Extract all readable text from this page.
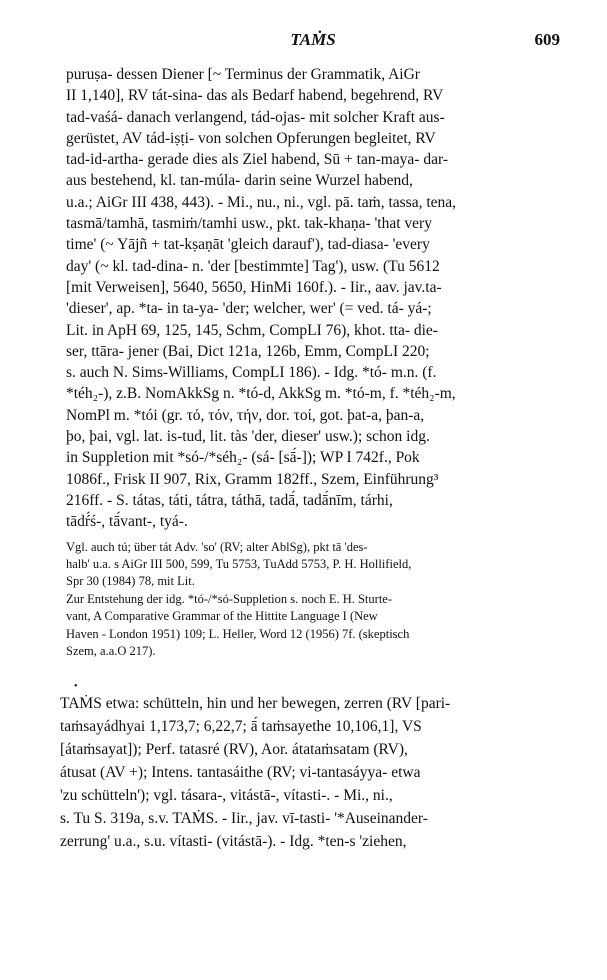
TAṀS	609
puruṣa- dessen Diener [~ Terminus der Grammatik, AiGr
II 1,140], RV tát-sina- das als Bedarf habend, begehrend, RV
tad-vaśá- danach verlangend, tád-ojas- mit solcher Kraft aus-
gerüstet, AV tád-iṣṭi- von solchen Opferungen begleitet, RV
tad-id-artha- gerade dies als Ziel habend, Sū + tan-maya- dar-
aus bestehend, kl. tan-múla- darin seine Wurzel habend,
u.a.; AiGr III 438, 443). - Mi., nu., ni., vgl. pā. taṁ, tassa, tena,
tasmā/tamhā, tasmiṁ/tamhi usw., pkt. tak-khaṇa- 'that very
time' (~ Yājñ + tat-kṣaṇāt 'gleich darauf'), tad-diasa- 'every
day' (~ kl. tad-dina- n. 'der [bestimmte] Tag'), usw. (Tu 5612
[mit Verweisen], 5640, 5650, HinMi 160f.). - Iir., aav. jav.ta-
'dieser', ap. *ta- in ta-ya- 'der; welcher, wer' (= ved. tá- yá-;
Lit. in ApH 69, 125, 145, Schm, CompLI 76), khot. tta- die-
ser, ttāra- jener (Bai, Dict 121a, 126b, Emm, CompLI 220;
s. auch N. Sims-Williams, CompLI 186). - Idg. *tó- m.n. (f.
*téh₂-), z.B. NomAkkSg n. *tó-d, AkkSg m. *tó-m, f. *téh₂-m,
NomPl m. *tói (gr. τό, τόν, τήν, dor. τοί, got. þat-a, þan-a,
þo, þai, vgl. lat. is-tud, lit. tàs 'der, dieser' usw.); schon idg.
in Suppletion mit *só-/*séh₂- (sá- [sā́-]); WP I 742f., Pok
1086f., Frisk II 907, Rix, Gramm 182ff., Szem, Einführung³
216ff. - S. tátas, táti, tátra, táthā, tadā́, tadā́nīm, tárhi,
tādŕ́ś-, tā́vant-, tyá-.
Vgl. auch tú; über tát Adv. 'so' (RV; alter AblSg), pkt tā 'des-
halb' u.a. s AiGr III 500, 599, Tu 5753, TuAdd 5753, P. H. Hollifield,
Spr 30 (1984) 78, mit Lit.
Zur Entstehung der idg. *tó-/*só-Suppletion s. noch E. H. Sturte-
vant, A Comparative Grammar of the Hittite Language I (New
Haven - London 1951) 109; L. Heller, Word 12 (1956) 7f. (skeptisch
Szem, a.a.O 217).
•
TAṀS etwa: schütteln, hin und her bewegen, zerren (RV [pari-
taṁsayádhyai 1,173,7; 6,22,7; ā́ taṁsayethe 10,106,1], VS
[átaṁsayat]); Perf. tatasré (RV), Aor. átataṁsatam (RV),
átusat (AV +); Intens. tantasáithe (RV; vi-tantasáyya- etwa
'zu schütteln'); vgl. tásara-, vitástā-, vítasti-. - Mi., ni.,
s. Tu S. 319a, s.v. TAṀS. - Iir., jav. vī-tasti- '*Auseinander-
zerrung' u.a., s.u. vítasti- (vitástā-). - Idg. *ten-s 'ziehen,
